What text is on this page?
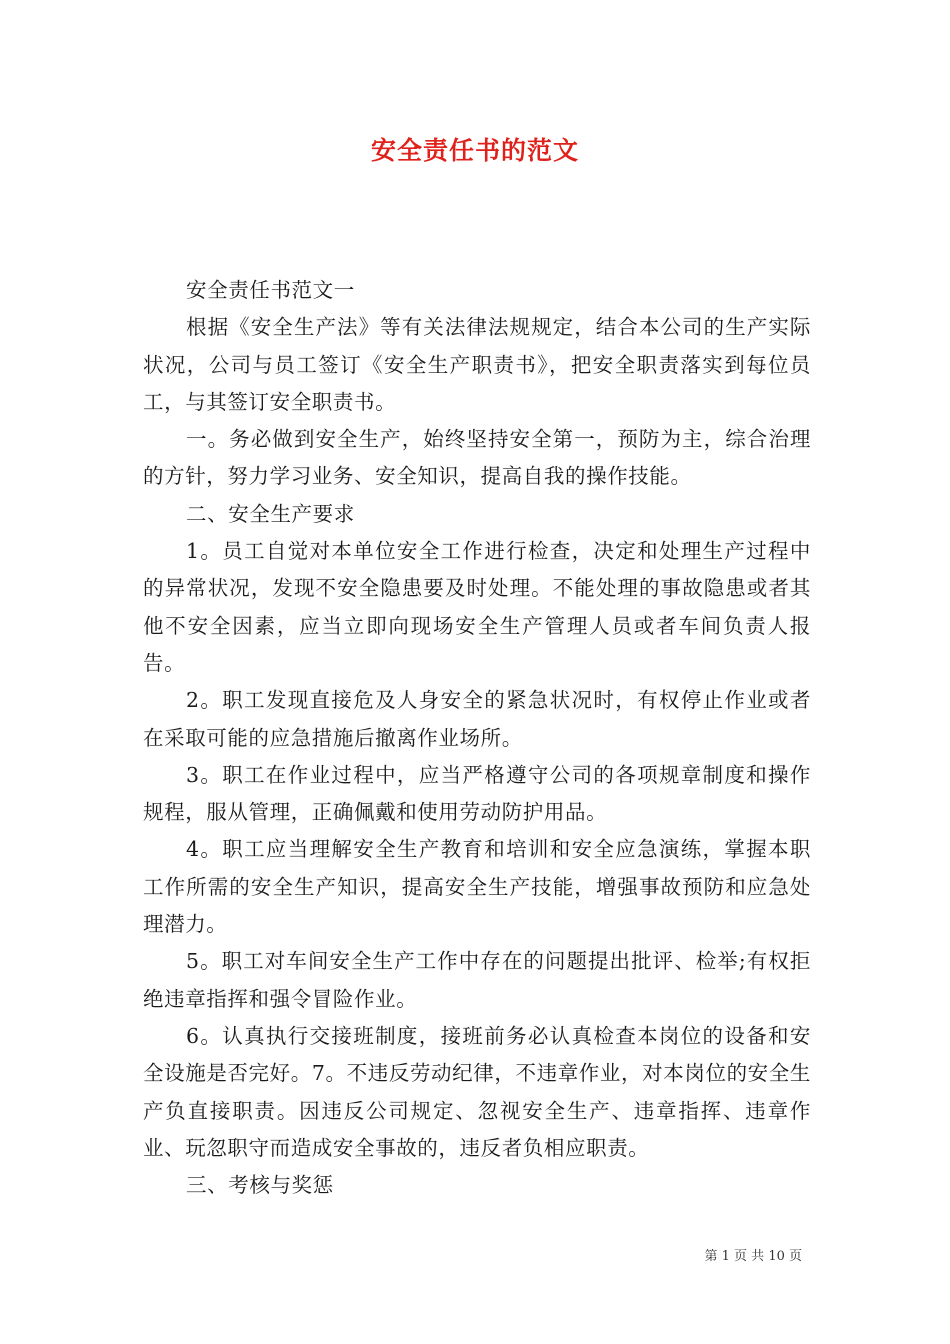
安全责任书的范文

安全责任书范文一

根据《安全生产法》等有关法律法规规定，结合本公司的生产实际状况，公司与员工签订《安全生产职责书》，把安全职责落实到每位员工，与其签订安全职责书。

一。务必做到安全生产，始终坚持安全第一，预防为主，综合治理的方针，努力学习业务、安全知识，提高自我的操作技能。

二、安全生产要求

1。员工自觉对本单位安全工作进行检查，决定和处理生产过程中的异常状况，发现不安全隐患要及时处理。不能处理的事故隐患或者其他不安全因素，应当立即向现场安全生产管理人员或者车间负责人报告。

2。职工发现直接危及人身安全的紧急状况时，有权停止作业或者在采取可能的应急措施后撤离作业场所。

3。职工在作业过程中，应当严格遵守公司的各项规章制度和操作规程，服从管理，正确佩戴和使用劳动防护用品。

4。职工应当理解安全生产教育和培训和安全应急演练，掌握本职工作所需的安全生产知识，提高安全生产技能，增强事故预防和应急处理潜力。

5。职工对车间安全生产工作中存在的问题提出批评、检举;有权拒绝违章指挥和强令冒险作业。

6。认真执行交接班制度，接班前务必认真检查本岗位的设备和安全设施是否完好。7。不违反劳动纪律，不违章作业，对本岗位的安全生产负直接职责。因违反公司规定、忽视安全生产、违章指挥、违章作业、玩忽职守而造成安全事故的，违反者负相应职责。

三、考核与奖惩

第 1 页 共 10 页
